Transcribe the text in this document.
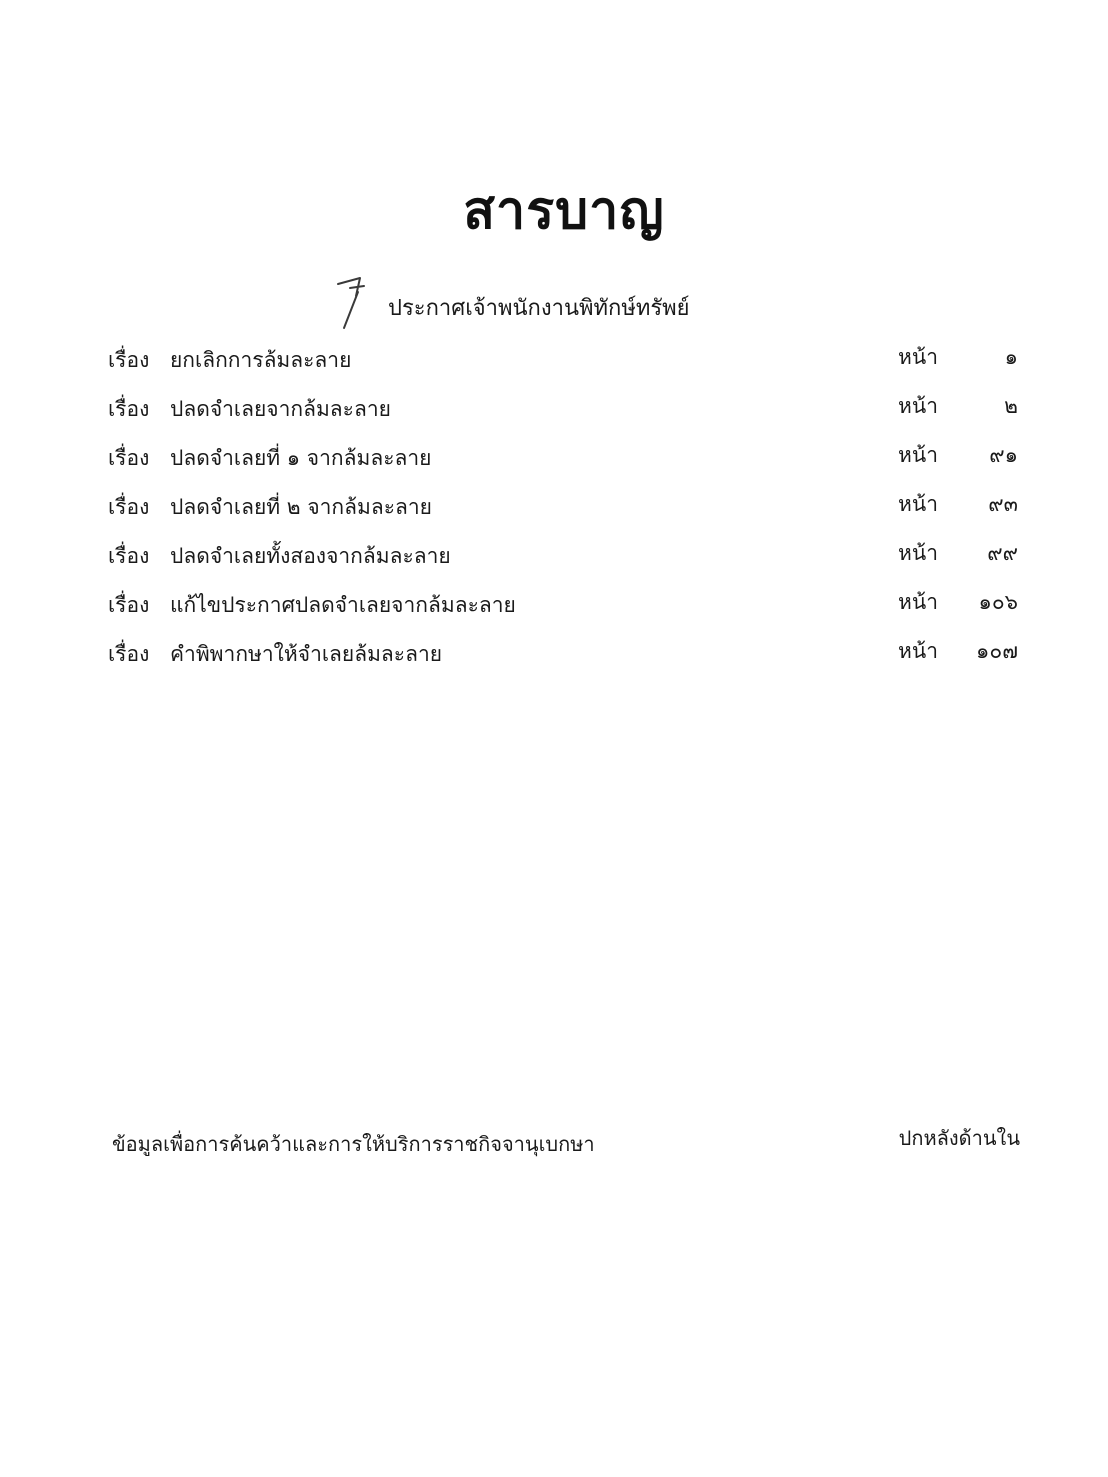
สารบาญ
ประกาศเจ้าพนักงานพิทักษ์ทรัพย์
เรื่อง ยกเลิกการล้มละลาย	หน้า	๑
เรื่อง ปลดจำเลยจากล้มละลาย	หน้า	๒
เรื่อง ปลดจำเลยที่ ๑ จากล้มละลาย	หน้า ๙๑
เรื่อง ปลดจำเลยที่ ๒ จากล้มละลาย	หน้า ๙๓
เรื่อง ปลดจำเลยทั้งสองจากล้มละลาย	หน้า ๙๙
เรื่อง แก้ไขประกาศปลดจำเลยจากล้มละลาย	หน้า ๑๐๖
เรื่อง คำพิพากษาให้จำเลยล้มละลาย	หน้า ๑๐๗
ข้อมูลเพื่อการค้นคว้าและการให้บริการราชกิจจานุเบกษา	ปกหลังด้านใน
